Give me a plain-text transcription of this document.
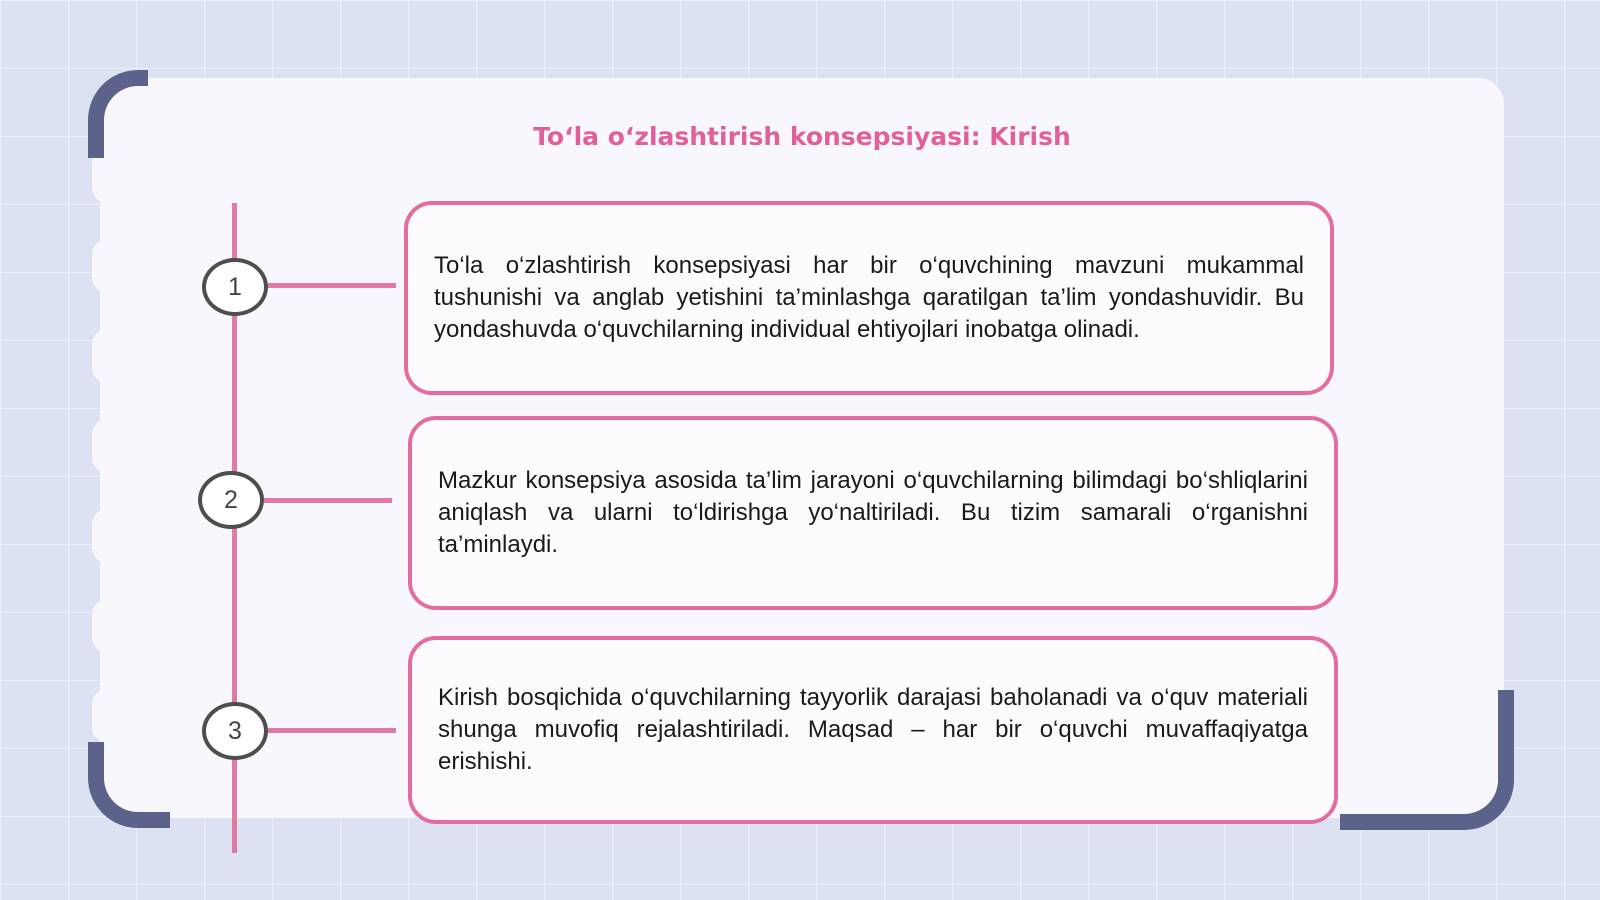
To‘la o‘zlashtirish konsepsiyasi: Kirish
1
2
3

To‘la o‘zlashtirish konsepsiyasi har bir o‘quvchining mavzuni mukammal tushunishi va anglab yetishini ta’minlashga qaratilgan ta’lim yondashuvidir. Bu yondashuvda o‘quvchilarning individual ehtiyojlari inobatga olinadi.

Mazkur konsepsiya asosida ta’lim jarayoni o‘quvchilarning bilimdagi bo‘shliqlarini aniqlash va ularni to‘ldirishga yo‘naltiriladi. Bu tizim samarali o‘rganishni ta’minlaydi.

Kirish bosqichida o‘quvchilarning tayyorlik darajasi baholanadi va o‘quv materiali shunga muvofiq rejalashtiriladi. Maqsad – har bir o‘quvchi muvaffaqiyatga erishishi.
